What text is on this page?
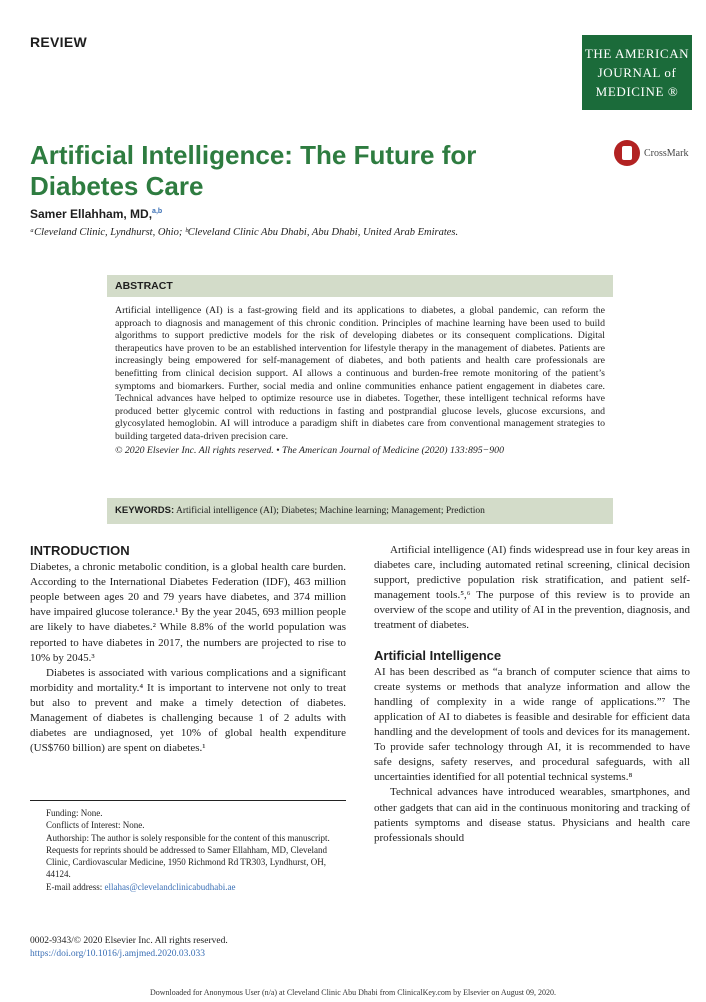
REVIEW
THE AMERICAN
JOURNAL of
MEDICINE ®
CrossMark
Artificial Intelligence: The Future for Diabetes Care
Samer Ellahham, MD,$^{a,b}$
ᵃCleveland Clinic, Lyndhurst, Ohio; ᵇCleveland Clinic Abu Dhabi, Abu Dhabi, United Arab Emirates.
ABSTRACT
Artificial intelligence (AI) is a fast-growing field and its applications to diabetes, a global pandemic, can reform the approach to diagnosis and management of this chronic condition. Principles of machine learning have been used to build algorithms to support predictive models for the risk of developing diabetes or its consequent complications. Digital therapeutics have proven to be an established intervention for lifestyle therapy in the management of diabetes. Patients are increasingly being empowered for self-management of diabetes, and both patients and health care professionals are benefitting from clinical decision support. AI allows a continuous and burden-free remote monitoring of the patient’s symptoms and biomarkers. Further, social media and online communities enhance patient engagement in diabetes care. Technical advances have helped to optimize resource use in diabetes. Together, these intelligent technical reforms have produced better glycemic control with reductions in fasting and postprandial glucose levels, glucose excursions, and glycosylated hemoglobin. AI will introduce a paradigm shift in diabetes care from conventional management strategies to building targeted data-driven precision care.
© 2020 Elsevier Inc. All rights reserved. • The American Journal of Medicine (2020) 133:895−900
KEYWORDS: Artificial intelligence (AI); Diabetes; Machine learning; Management; Prediction
INTRODUCTION

Diabetes, a chronic metabolic condition, is a global health care burden. According to the International Diabetes Federation (IDF), 463 million people between ages 20 and 79 years have diabetes, and 374 million have impaired glucose tolerance.¹ By the year 2045, 693 million people are likely to have diabetes.² While 8.8% of the world population was reported to have diabetes in 2017, the numbers are projected to rise to 10% by 2045.³

Diabetes is associated with various complications and a significant morbidity and mortality.⁴ It is important to intervene not only to treat but also to prevent and make a timely detection of diabetes. Management of diabetes is challenging because 1 of 2 adults with diabetes are undiagnosed, yet 10% of global health expenditure (US$760 billion) are spent on diabetes.¹

Artificial intelligence (AI) finds widespread use in four key areas in diabetes care, including automated retinal screening, clinical decision support, predictive population risk stratification, and patient self-management tools.⁵,⁶ The purpose of this review is to provide an overview of the scope and utility of AI in the prevention, diagnosis, and treatment of diabetes.

Artificial Intelligence

AI has been described as “a branch of computer science that aims to create systems or methods that analyze information and allow the handling of complexity in a wide range of applications.”⁷ The application of AI to diabetes is feasible and desirable for efficient data handling and the development of tools and devices for its management. To provide safer technology through AI, it is recommended to have safe designs, safety reserves, and procedural safeguards, with all uncertainties identified for all potential technical systems.⁸

Technical advances have introduced wearables, smartphones, and other gadgets that can aid in the continuous monitoring and tracking of patients symptoms and disease status. Physicians and health care professionals should

Funding: None.

Conflicts of Interest: None.

Authorship: The author is solely responsible for the content of this manuscript.

Requests for reprints should be addressed to Samer Ellahham, MD, Cleveland Clinic, Cardiovascular Medicine, 1950 Richmond Rd TR303, Lyndhurst, OH, 44124.

E-mail address: ellahas@clevelandclinicabudhabi.ae

0002-9343/© 2020 Elsevier Inc. All rights reserved.
https://doi.org/10.1016/j.amjmed.2020.03.033
Downloaded for Anonymous User (n/a) at Cleveland Clinic Abu Dhabi from ClinicalKey.com by Elsevier on August 09, 2020.
